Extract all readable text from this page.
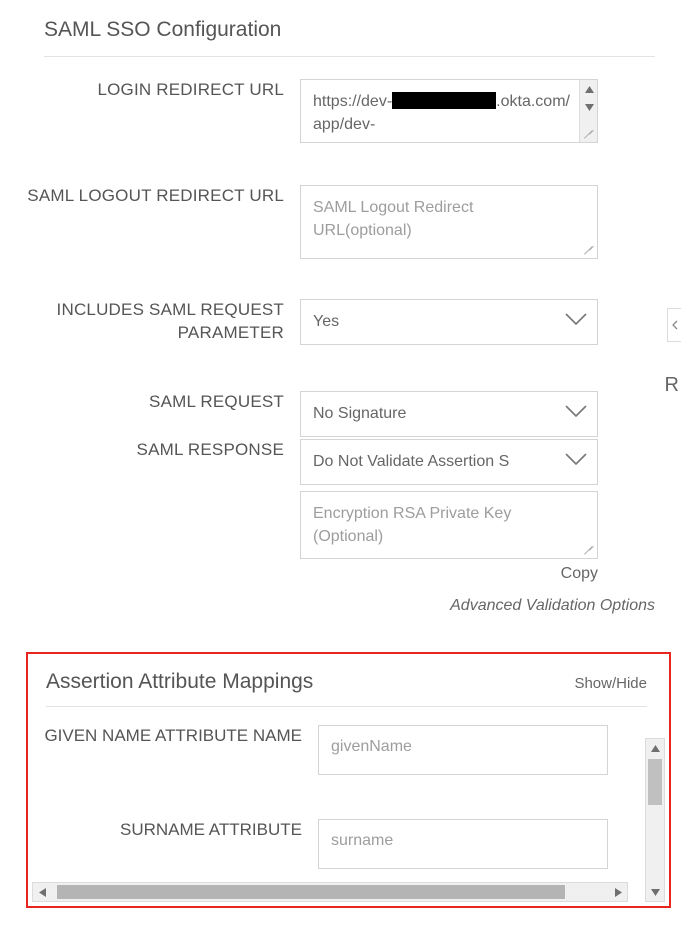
SAML SSO Configuration
LOGIN REDIRECT URL
https://dev-	.okta.com/app/dev-
SAML LOGOUT REDIRECT URL
SAML Logout Redirect URL(optional)
INCLUDES SAML REQUEST PARAMETER
Yes
SAML REQUEST
No Signature
SAML RESPONSE
Do Not Validate Assertion S
Encryption RSA Private Key (Optional)
Copy
Advanced Validation Options
R
Assertion Attribute Mappings	Show/Hide
GIVEN NAME ATTRIBUTE NAME
givenName
SURNAME ATTRIBUTE
surname
